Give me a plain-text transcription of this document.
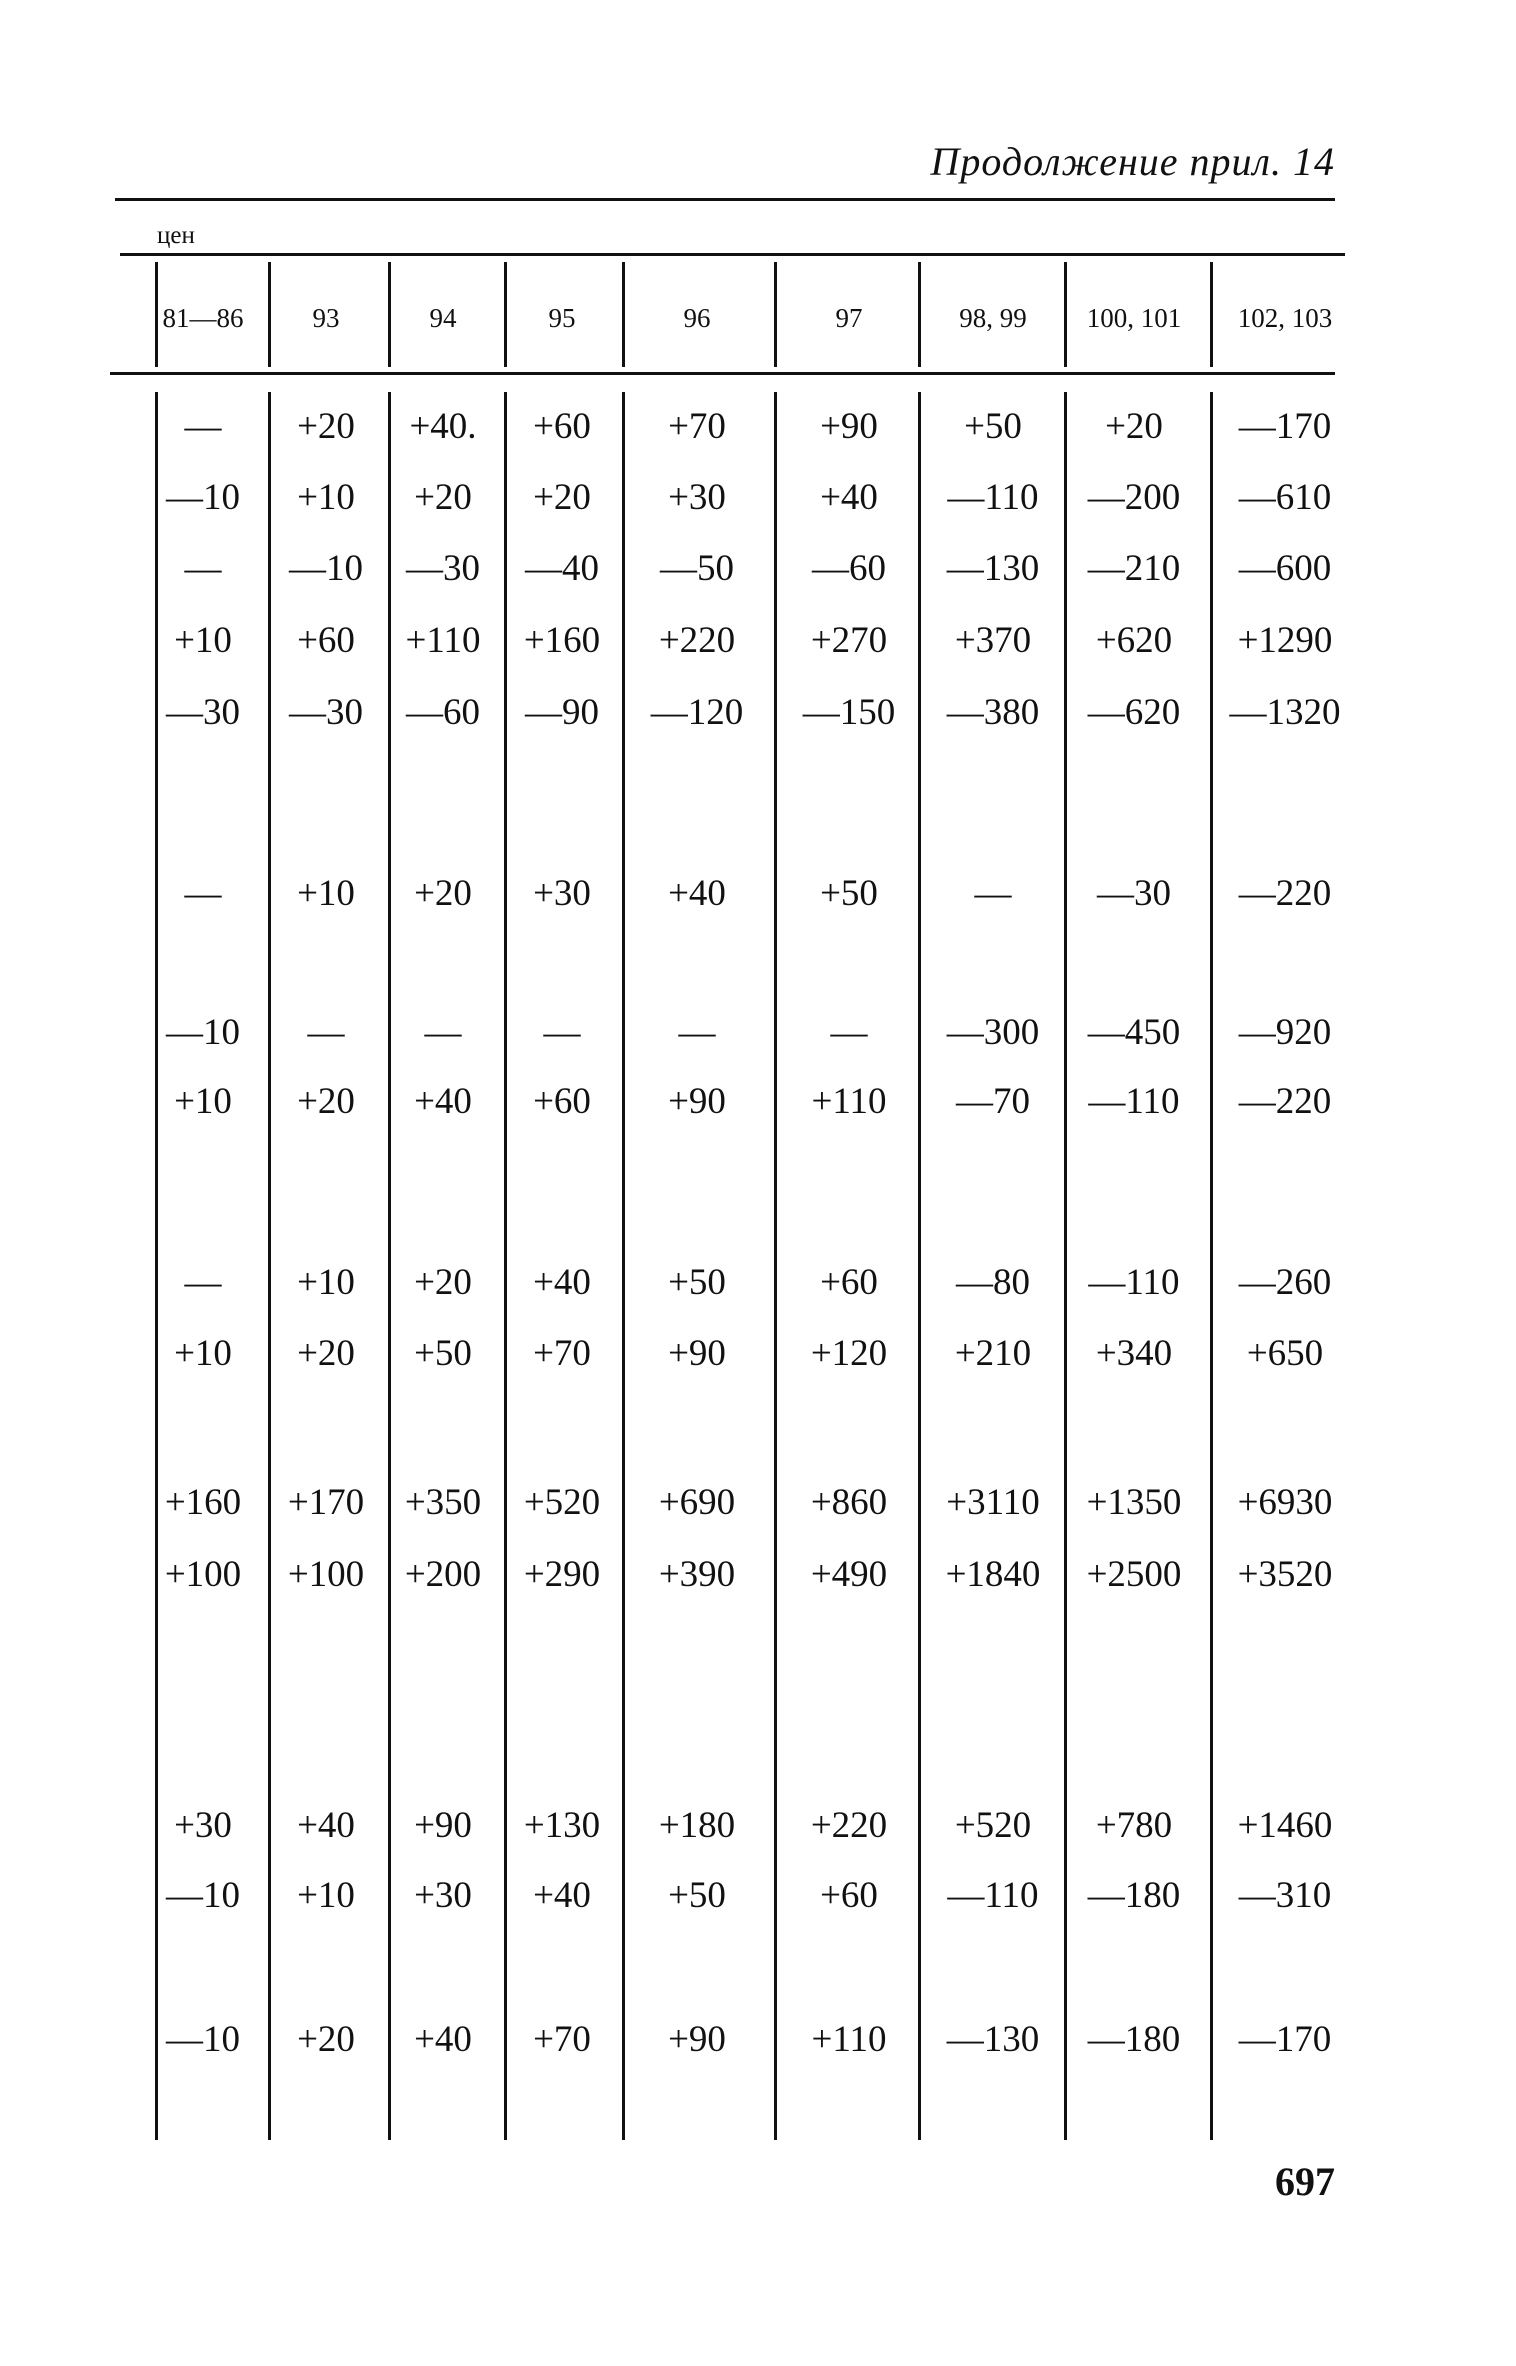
Продолжение прил. 14
цен
81—86	93	94	95	96	97	98, 99	100, 101	102, 103
—	+20	+40.	+60	+70	+90	+50	+20	—170
—10	+10	+20	+20	+30	+40	—110	—200	—610
—	—10	—30	—40	—50	—60	—130	—210	—600
+10	+60	+110	+160	+220	+270	+370	+620	+1290
—30	—30	—60	—90	—120	—150	—380	—620	—1320
—	+10	+20	+30	+40	+50	—	—30	—220
—10	—	—	—	—	—	—300	—450	—920
+10	+20	+40	+60	+90	+110	—70	—110	—220
—	+10	+20	+40	+50	+60	—80	—110	—260
+10	+20	+50	+70	+90	+120	+210	+340	+650
+160	+170	+350	+520	+690	+860	+3110	+1350	+6930
+100	+100	+200	+290	+390	+490	+1840	+2500	+3520
+30	+40	+90	+130	+180	+220	+520	+780	+1460
—10	+10	+30	+40	+50	+60	—110	—180	—310
—10	+20	+40	+70	+90	+110	—130	—180	—170
697
